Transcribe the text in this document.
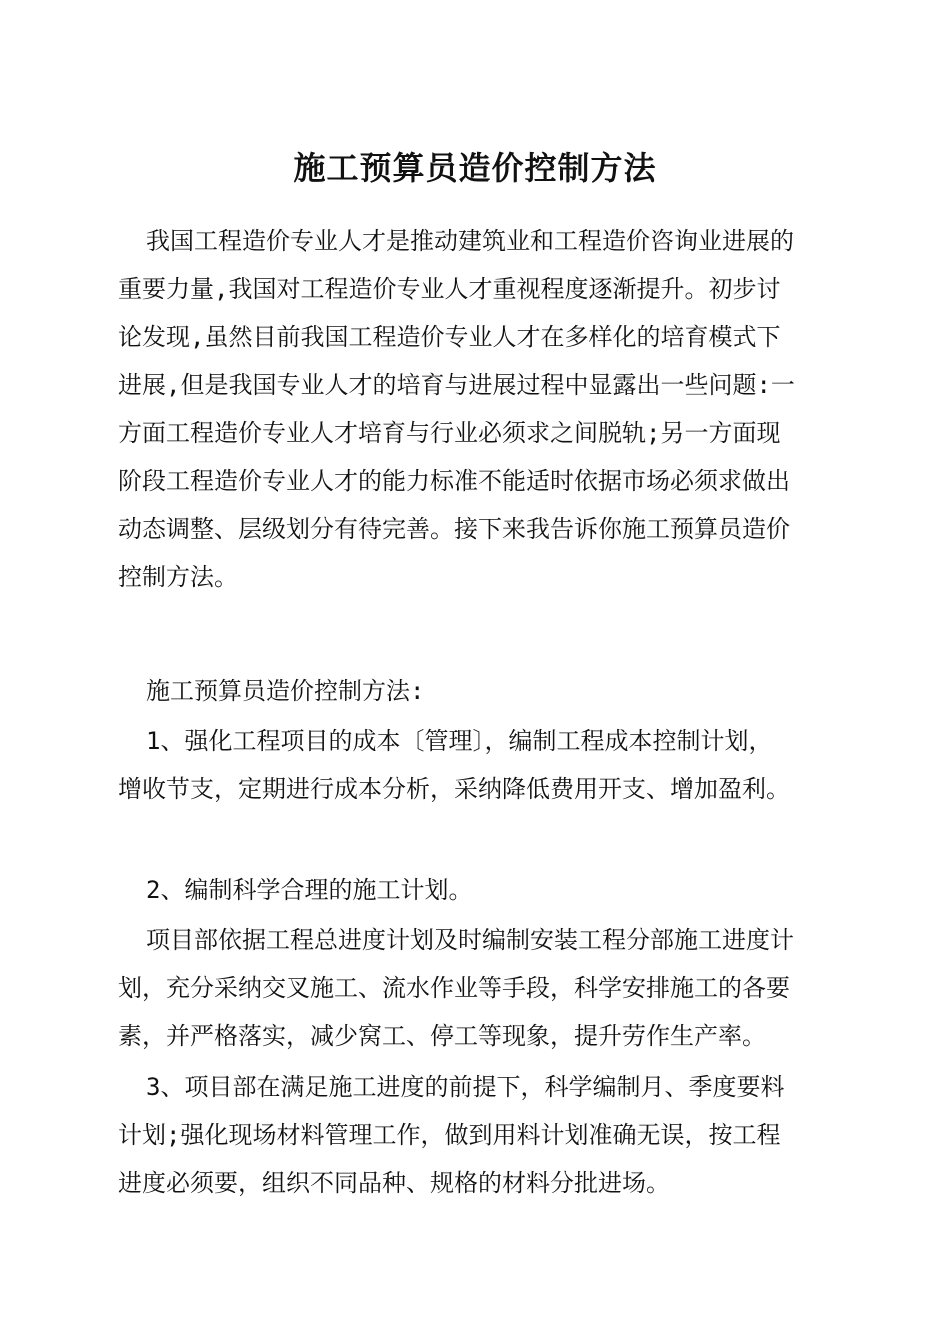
施工预算员造价控制方法

我国工程造价专业人才是推动建筑业和工程造价咨询业进展的
重要力量,我国对工程造价专业人才重视程度逐渐提升。初步讨
论发现,虽然目前我国工程造价专业人才在多样化的培育模式下
进展,但是我国专业人才的培育与进展过程中显露出一些问题:一
方面工程造价专业人才培育与行业必须求之间脱轨;另一方面现
阶段工程造价专业人才的能力标准不能适时依据市场必须求做出
动态调整、层级划分有待完善。接下来我告诉你施工预算员造价
控制方法。

施工预算员造价控制方法:

1、强化工程项目的成本〔管理〕，编制工程成本控制计划，
增收节支，定期进行成本分析，采纳降低费用开支、增加盈利。

2、编制科学合理的施工计划。

项目部依据工程总进度计划及时编制安装工程分部施工进度计
划，充分采纳交叉施工、流水作业等手段，科学安排施工的各要
素，并严格落实，减少窝工、停工等现象，提升劳作生产率。

3、项目部在满足施工进度的前提下，科学编制月、季度要料
计划;强化现场材料管理工作，做到用料计划准确无误，按工程
进度必须要，组织不同品种、规格的材料分批进场。
